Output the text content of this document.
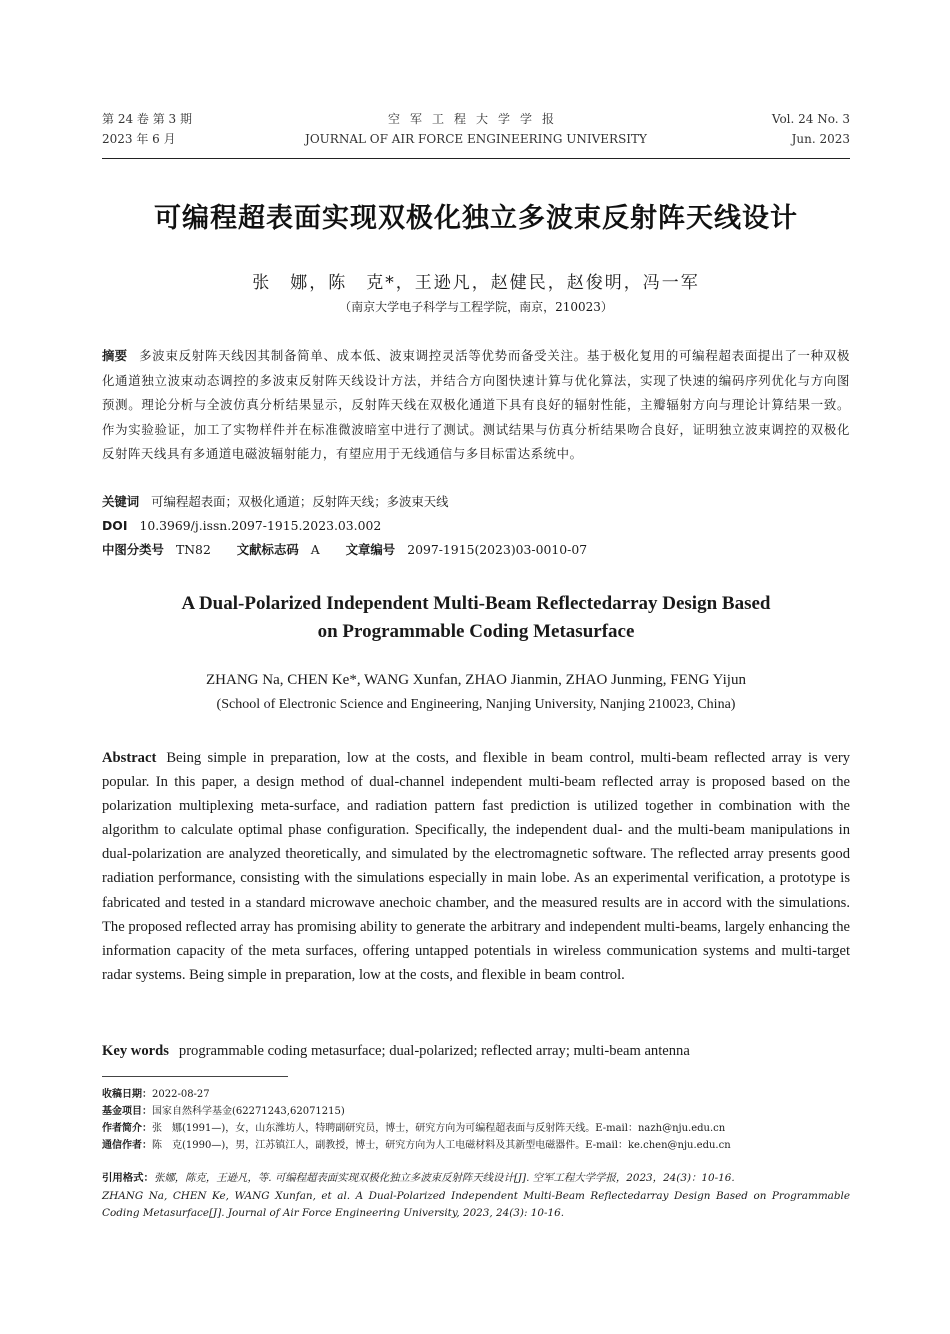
第 24 卷 第 3 期	空军工程大学学报	Vol. 24 No. 3
2023 年 6 月	JOURNAL OF AIR FORCE ENGINEERING UNIVERSITY	Jun. 2023
可编程超表面实现双极化独立多波束反射阵天线设计
张　娜，陈　克*，王逊凡，赵健民，赵俊明，冯一军
（南京大学电子科学与工程学院，南京，210023）
摘要 多波束反射阵天线因其制备简单、成本低、波束调控灵活等优势而备受关注。基于极化复用的可编程超表面提出了一种双极化通道独立波束动态调控的多波束反射阵天线设计方法，并结合方向图快速计算与优化算法，实现了快速的编码序列优化与方向图预测。理论分析与全波仿真分析结果显示，反射阵天线在双极化通道下具有良好的辐射性能，主瓣辐射方向与理论计算结果一致。作为实验验证，加工了实物样件并在标准微波暗室中进行了测试。测试结果与仿真分析结果吻合良好，证明独立波束调控的双极化反射阵天线具有多通道电磁波辐射能力，有望应用于无线通信与多目标雷达系统中。
关键词 可编程超表面；双极化通道；反射阵天线；多波束天线
DOI 10.3969/j.issn.2097-1915.2023.03.002
中图分类号 TN82 文献标志码 A 文章编号 2097-1915(2023)03-0010-07
A Dual-Polarized Independent Multi-Beam Reflectedarray Design Based
on Programmable Coding Metasurface
ZHANG Na, CHEN Ke*, WANG Xunfan, ZHAO Jianmin, ZHAO Junming, FENG Yijun
(School of Electronic Science and Engineering, Nanjing University, Nanjing 210023, China)
Abstract Being simple in preparation, low at the costs, and flexible in beam control, multi-beam reflected array is very popular. In this paper, a design method of dual-channel independent multi-beam reflected array is proposed based on the polarization multiplexing meta-surface, and radiation pattern fast prediction is utilized together in combination with the algorithm to calculate optimal phase configuration. Specifically, the independent dual- and the multi-beam manipulations in dual-polarization are analyzed theoretically, and simulated by the electromagnetic software. The reflected array presents good radiation performance, consisting with the simulations especially in main lobe. As an experimental verification, a prototype is fabricated and tested in a standard microwave anechoic chamber, and the measured results are in accord with the simulations. The proposed reflected array has promising ability to generate the arbitrary and independent multi-beams, largely enhancing the information capacity of the meta surfaces, offering untapped potentials in wireless communication systems and multi-target radar systems. Being simple in preparation, low at the costs, and flexible in beam control.
Key words programmable coding metasurface; dual-polarized; reflected array; multi-beam antenna
收稿日期：2022-08-27
基金项目：国家自然科学基金(62271243,62071215)
作者简介：张　娜(1991—)，女，山东潍坊人，特聘副研究员，博士，研究方向为可编程超表面与反射阵天线。E-mail：nazh@nju.edu.cn
通信作者：陈　克(1990—)，男，江苏镇江人，副教授，博士，研究方向为人工电磁材料及其新型电磁器件。E-mail：ke.chen@nju.edu.cn
引用格式：张娜，陈克，王逊凡，等. 可编程超表面实现双极化独立多波束反射阵天线设计[J]. 空军工程大学学报，2023，24(3)：10-16.
ZHANG Na, CHEN Ke, WANG Xunfan, et al. A Dual-Polarized Independent Multi-Beam Reflectedarray Design Based on Programmable Coding Metasurface[J]. Journal of Air Force Engineering University, 2023, 24(3): 10-16.
